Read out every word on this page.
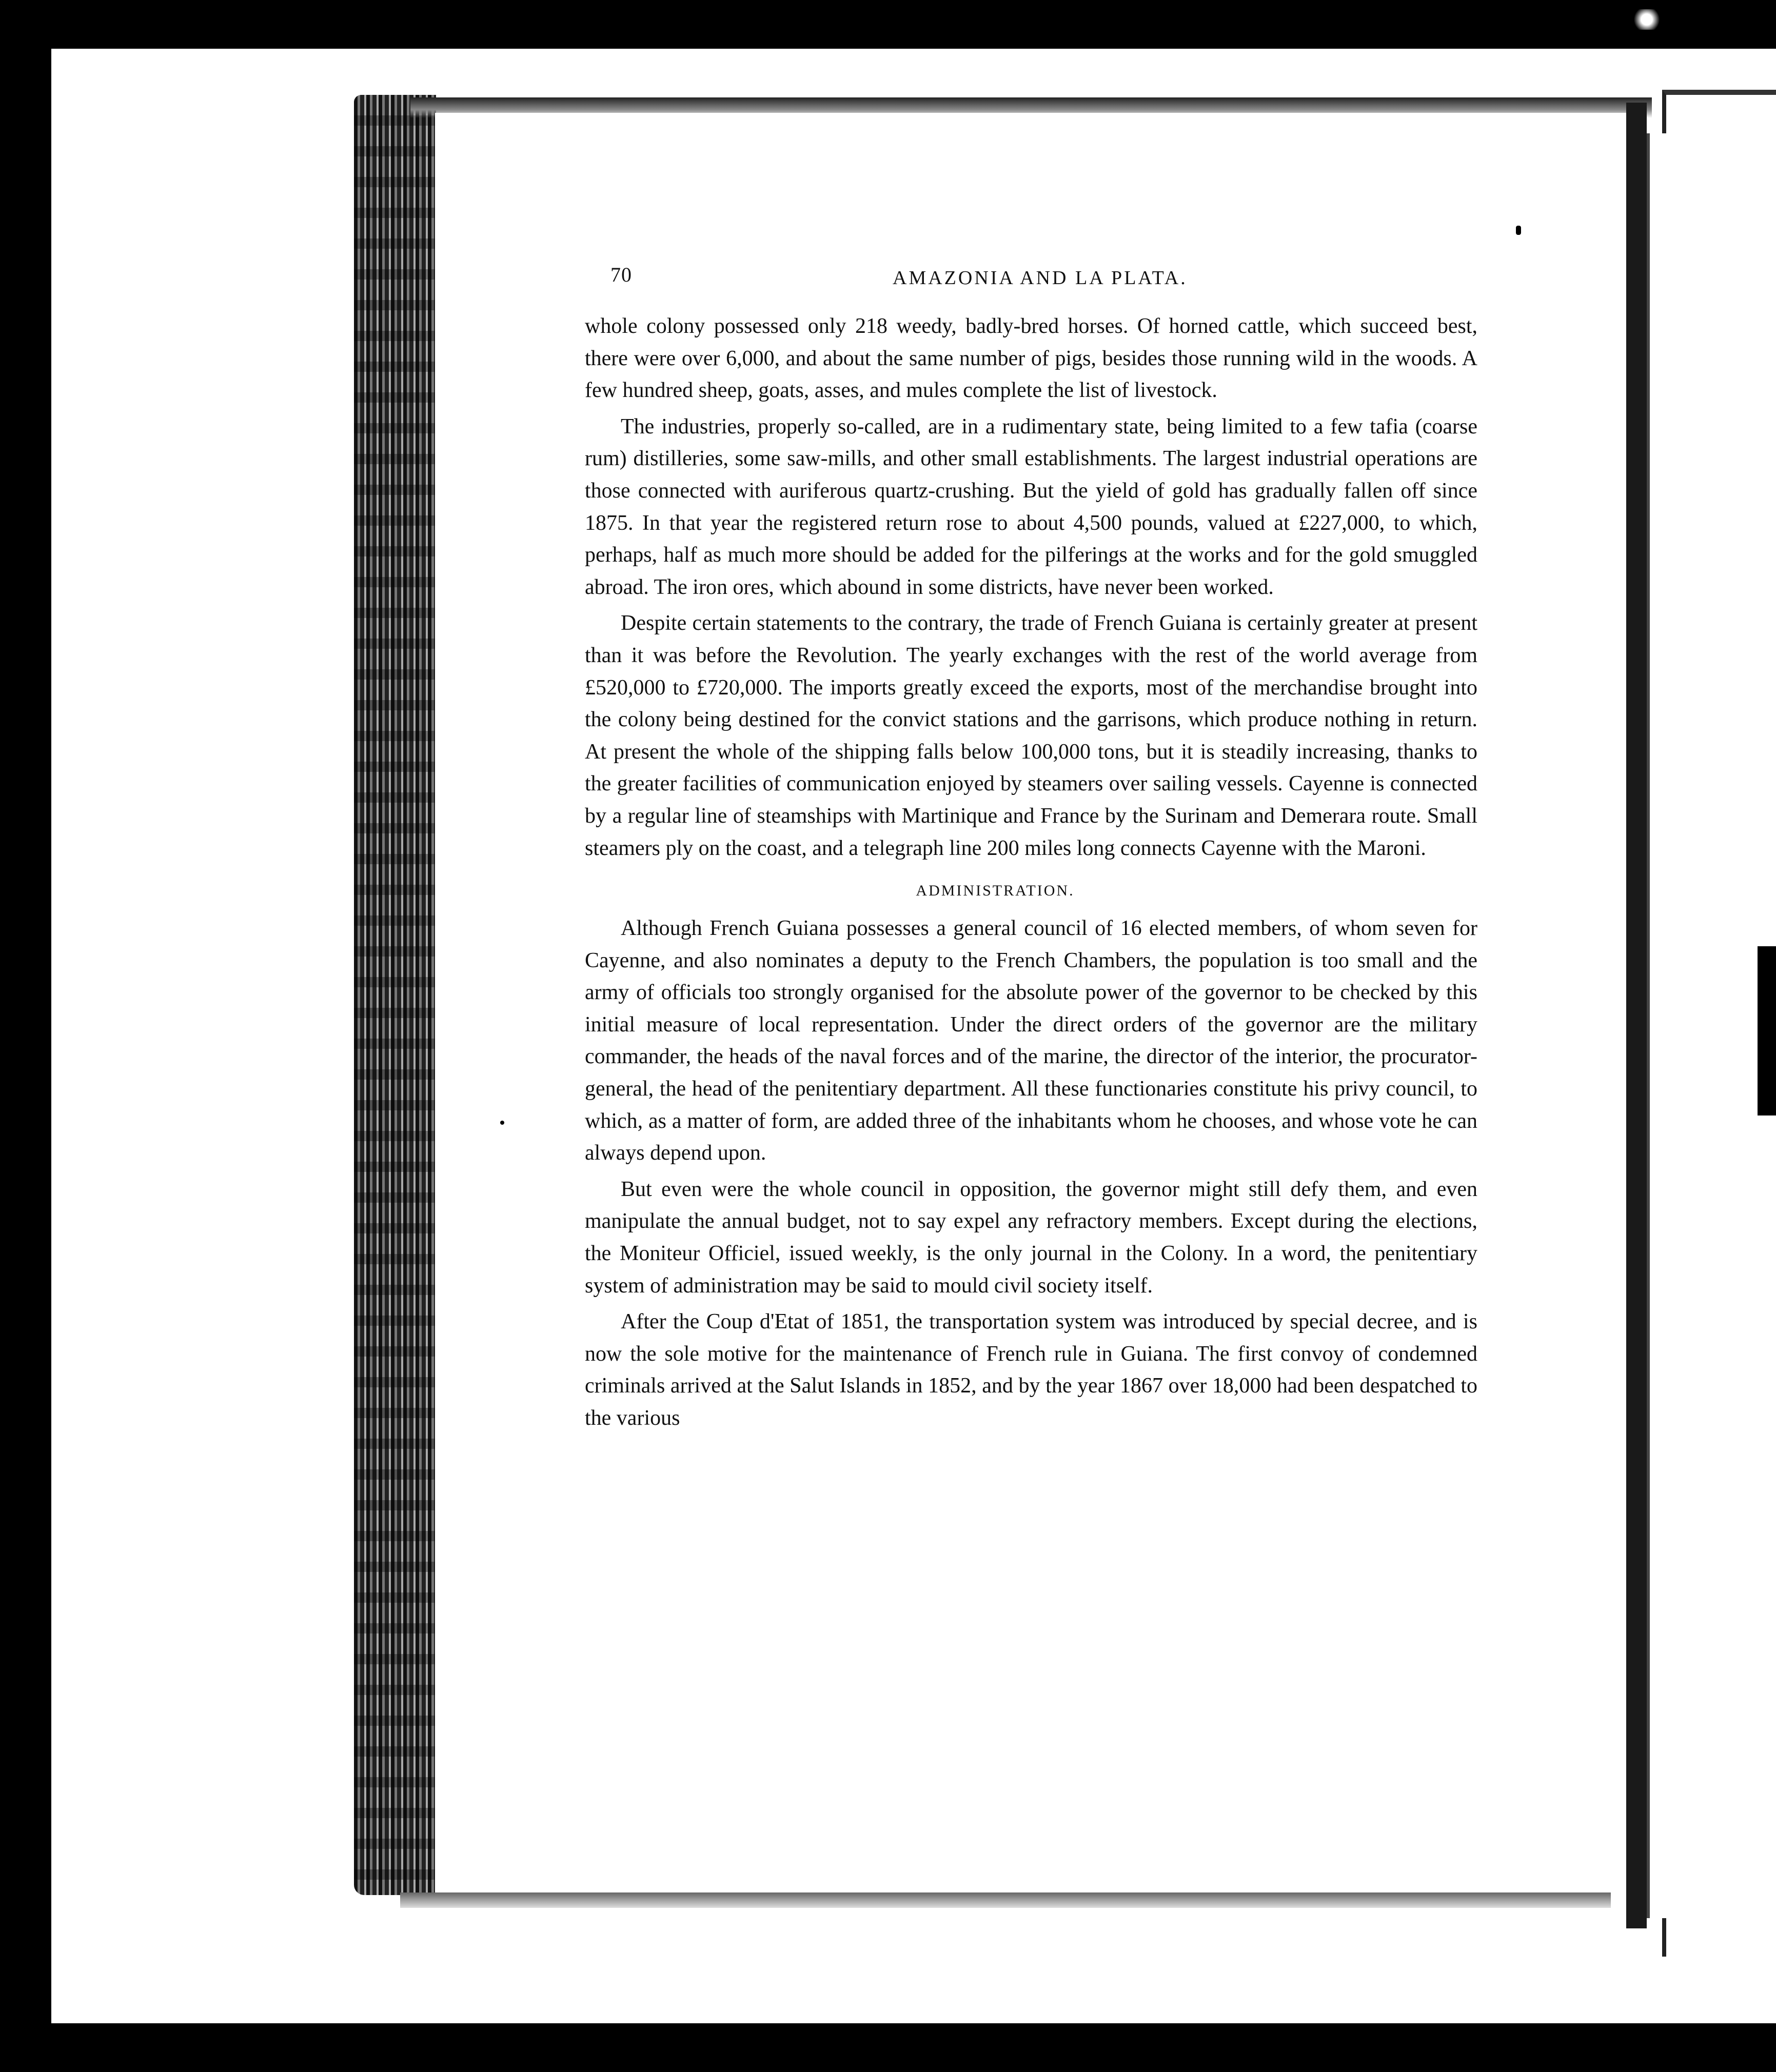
70	AMAZONIA AND LA PLATA.

whole colony possessed only 218 weedy, badly-bred horses. Of horned cattle, which succeed best, there were over 6,000, and about the same number of pigs, besides those running wild in the woods. A few hundred sheep, goats, asses, and mules complete the list of livestock.

The industries, properly so-called, are in a rudimentary state, being limited to a few tafia (coarse rum) distilleries, some saw-mills, and other small establishments. The largest industrial operations are those connected with auriferous quartz-crushing. But the yield of gold has gradually fallen off since 1875. In that year the registered return rose to about 4,500 pounds, valued at £227,000, to which, perhaps, half as much more should be added for the pilferings at the works and for the gold smuggled abroad. The iron ores, which abound in some districts, have never been worked.

Despite certain statements to the contrary, the trade of French Guiana is certainly greater at present than it was before the Revolution. The yearly exchanges with the rest of the world average from £520,000 to £720,000. The imports greatly exceed the exports, most of the merchandise brought into the colony being destined for the convict stations and the garrisons, which produce nothing in return. At present the whole of the shipping falls below 100,000 tons, but it is steadily increasing, thanks to the greater facilities of communication enjoyed by steamers over sailing vessels. Cayenne is connected by a regular line of steamships with Martinique and France by the Surinam and Demerara route. Small steamers ply on the coast, and a telegraph line 200 miles long connects Cayenne with the Maroni.

ADMINISTRATION.

Although French Guiana possesses a general council of 16 elected members, of whom seven for Cayenne, and also nominates a deputy to the French Chambers, the population is too small and the army of officials too strongly organised for the absolute power of the governor to be checked by this initial measure of local representation. Under the direct orders of the governor are the military commander, the heads of the naval forces and of the marine, the director of the interior, the procurator-general, the head of the penitentiary department. All these functionaries constitute his privy council, to which, as a matter of form, are added three of the inhabitants whom he chooses, and whose vote he can always depend upon.

But even were the whole council in opposition, the governor might still defy them, and even manipulate the annual budget, not to say expel any refractory members. Except during the elections, the Moniteur Officiel, issued weekly, is the only journal in the Colony. In a word, the penitentiary system of administration may be said to mould civil society itself.

After the Coup d'Etat of 1851, the transportation system was introduced by special decree, and is now the sole motive for the maintenance of French rule in Guiana. The first convoy of condemned criminals arrived at the Salut Islands in 1852, and by the year 1867 over 18,000 had been despatched to the various
